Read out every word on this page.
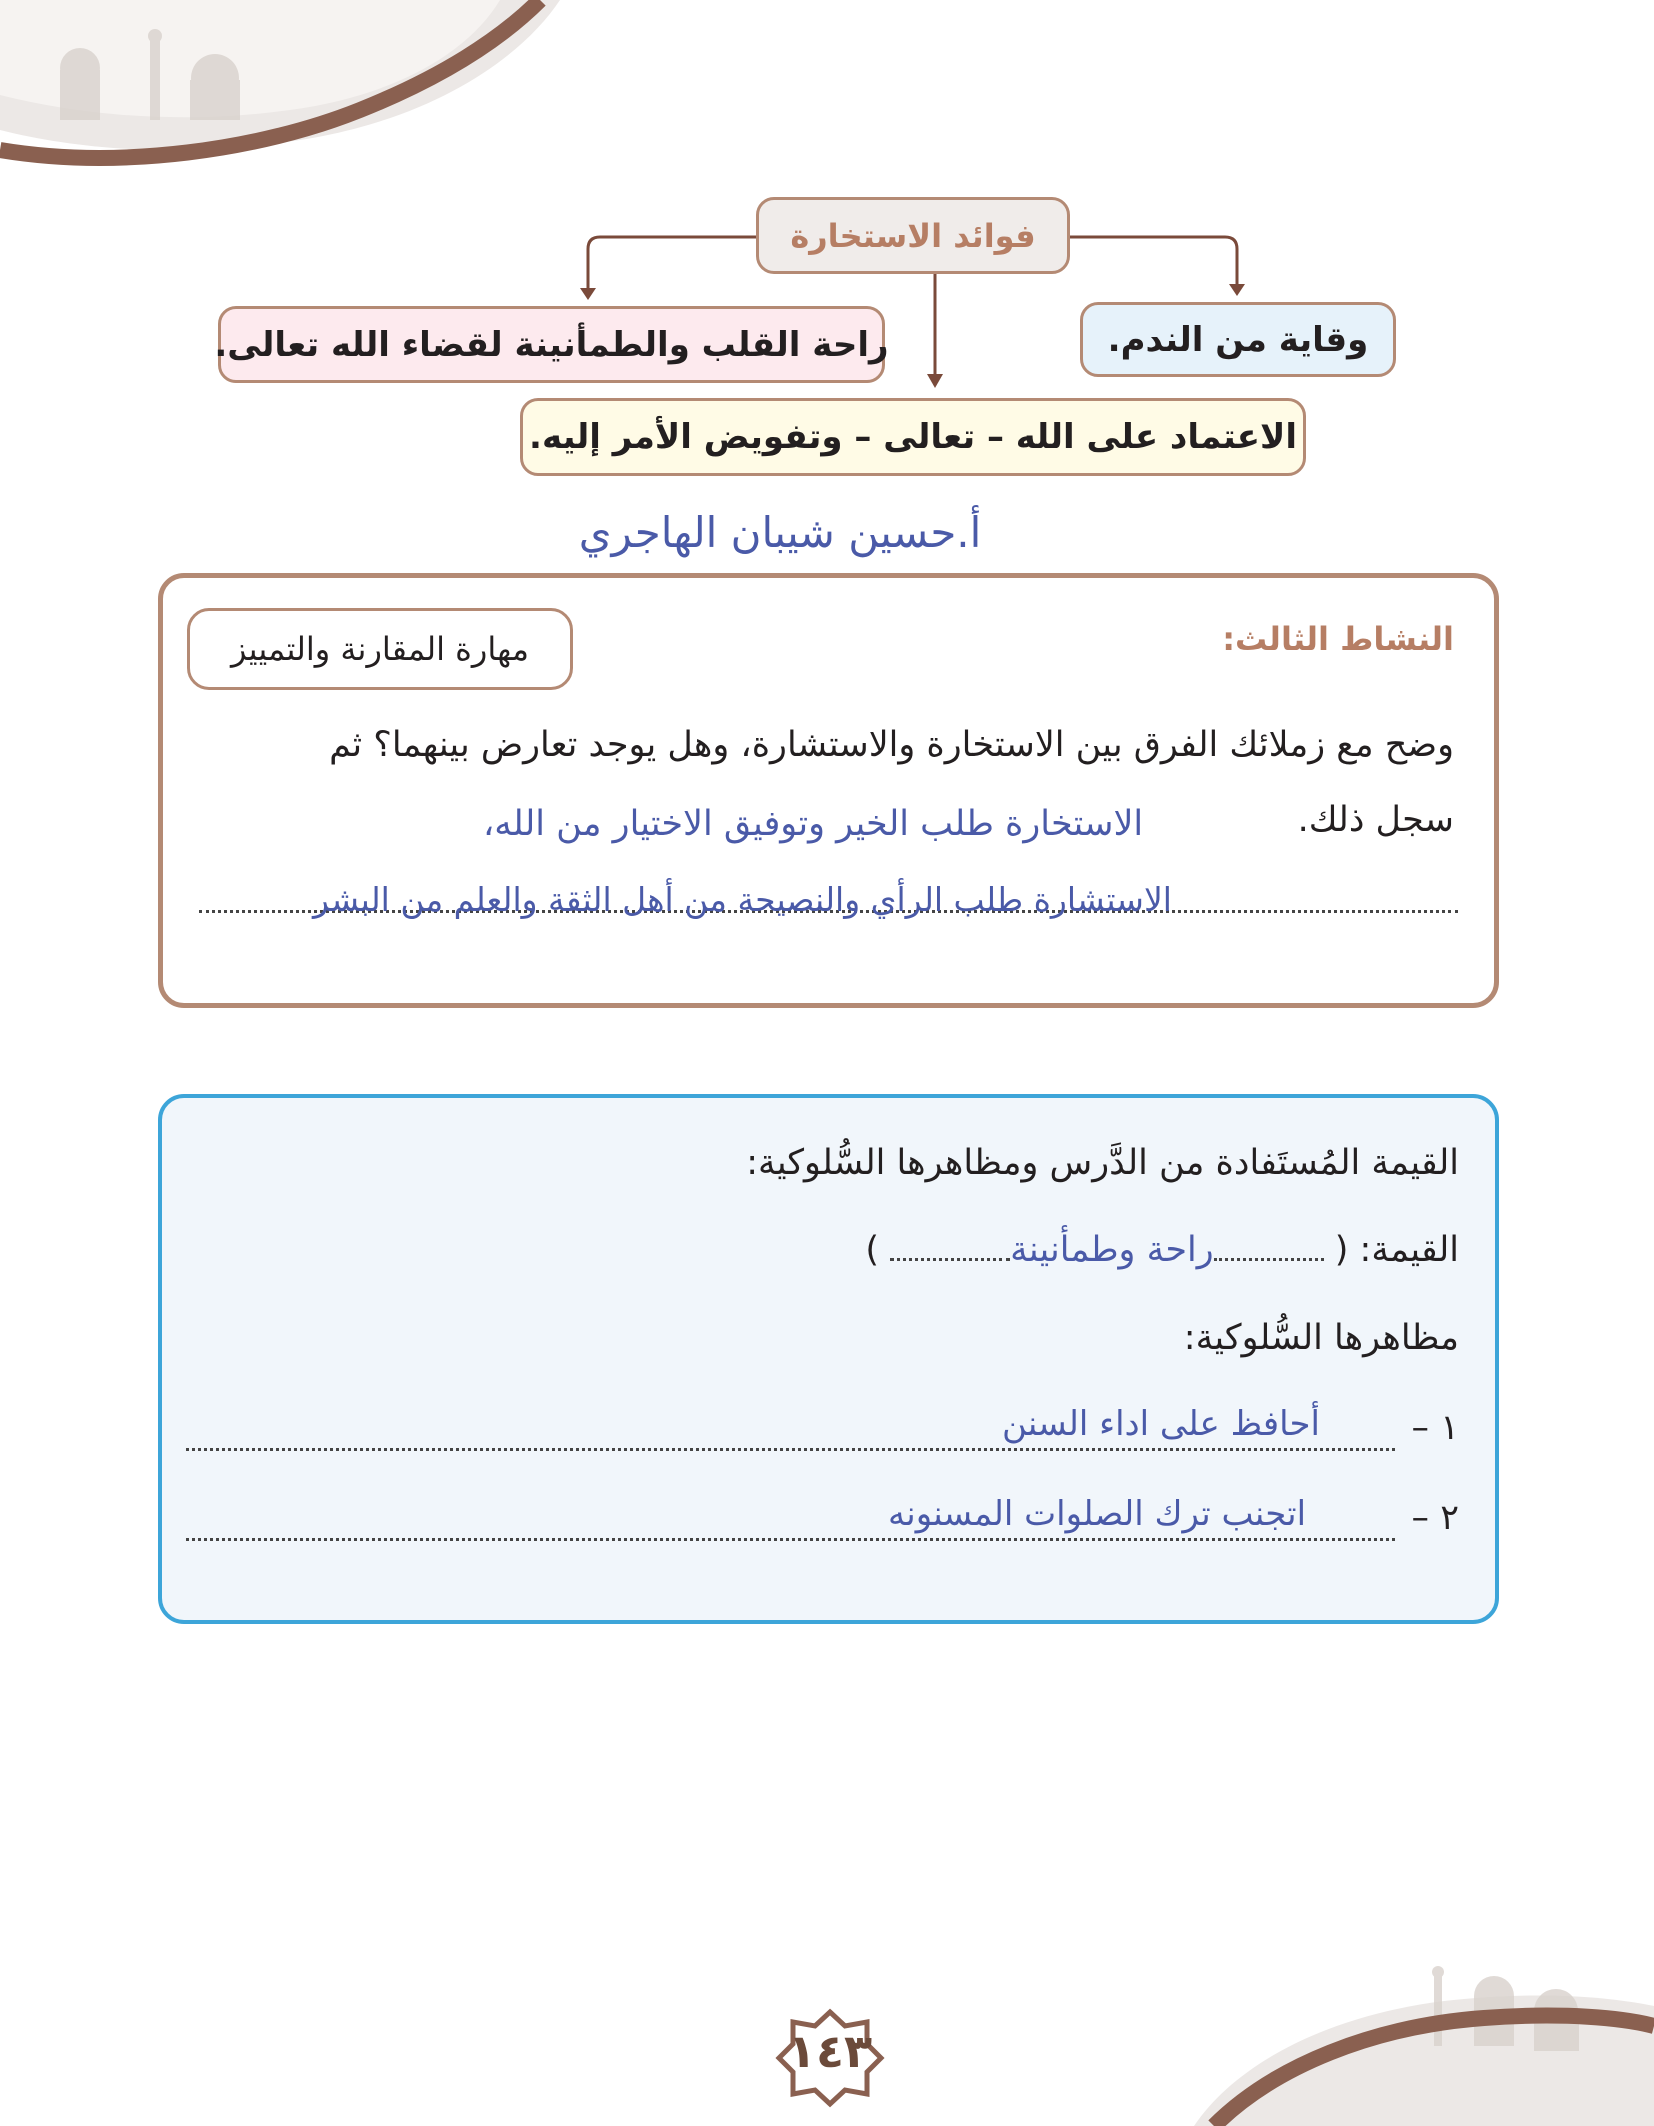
فوائد الاستخارة
وقاية من الندم.
راحة القلب والطمأنينة لقضاء الله تعالى.
الاعتماد على الله – تعالى – وتفويض الأمر إليه.
أ.حسين شيبان الهاجري
النشاط الثالث:
مهارة المقارنة والتمييز
وضح مع زملائك الفرق بين الاستخارة والاستشارة، وهل يوجد تعارض بينهما؟ ثم
سجل ذلك.
الاستخارة طلب الخير وتوفيق الاختيار من الله،
الاستشارة طلب الرأي والنصيحة من أهل الثقة والعلم من البشر
القيمة المُستَفادة من الدَّرس ومظاهرها السُّلوكية:
القيمة: ( راحة وطمأنينة )
مظاهرها السُّلوكية:
١ –
أحافظ على اداء السنن
٢ –
اتجنب ترك الصلوات المسنونه
١٤٣
